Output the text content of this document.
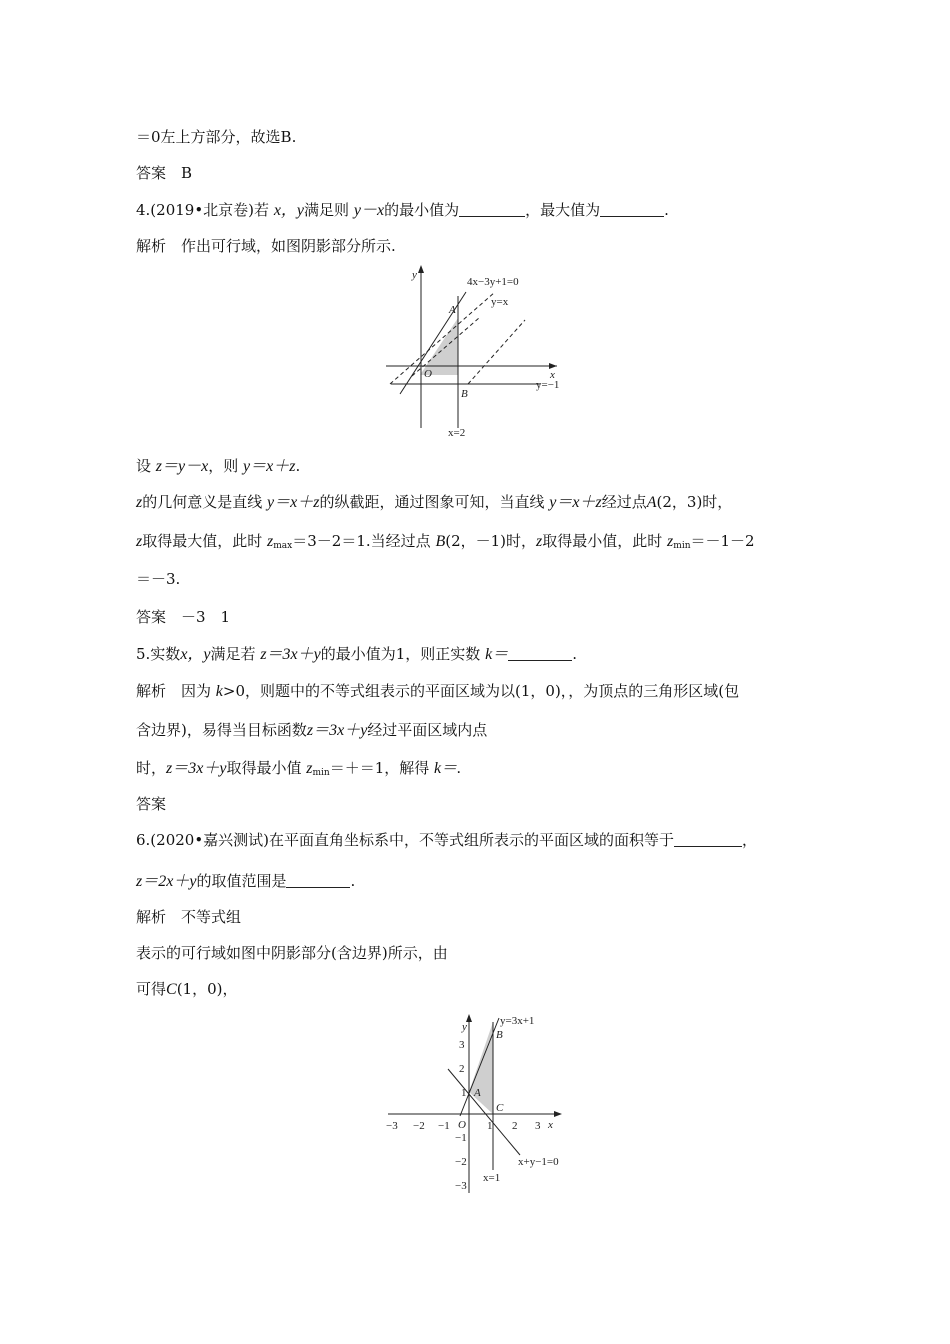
＝0左上方部分，故选B.
答案　B
4.(2019•北京卷)若 x，y满足则 y－x的最小值为	，最大值为	.
解析　作出可行域，如图阴影部分所示.
y
x
A
O
B
4x−3y+1=0
y=x
y=−1
x=2
设 z＝y－x，则 y＝x＋z.
z的几何意义是直线 y＝x＋z的纵截距，通过图象可知，当直线 y＝x＋z经过点A(2，3)时，
z取得最大值，此时 $z_{max}=3-2=1$.当经过点 B(2，－1)时，z取得最小值，此时 $z_{min}=-1-2$
＝－3.
答案　－3　1
5.实数x，y满足若 z＝3x＋y的最小值为1，则正实数 k＝	.
解析　因为 k>0，则题中的不等式组表示的平面区域为以(1，0)，，为顶点的三角形区域(包
含边界)，易得当目标函数z＝3x＋y经过平面区域内点
时，z＝3x＋y取得最小值 $z_{min}=+=1$，解得 k＝.
答案
6.(2020•嘉兴测试)在平面直角坐标系中，不等式组所表示的平面区域的面积等于	，
z＝2x＋y的取值范围是	.
解析　不等式组
表示的可行域如图中阴影部分(含边界)所示，由
可得C(1，0)，
y
x
B
A
C
O
y=3x+1
x+y−1=0
x=1
1
−3 −2 −1	1 2 3
3
2
−1
−2
−3
